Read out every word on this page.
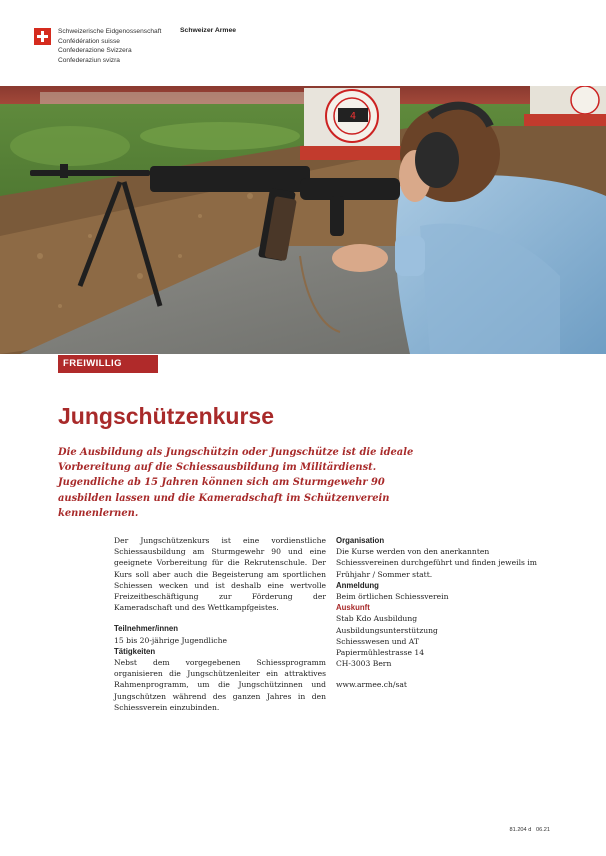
Schweizerische Eidgenossenschaft
Confédération suisse
Confederazione Svizzera
Confederaziun svizra
Schweizer Armee
4
FREIWILLIG
Jungschützenkurse
Die Ausbildung als Jungschützin oder Jungschütze ist die ideale Vorbereitung auf die Schiessausbildung im Militärdienst. Jugendliche ab 15 Jahren können sich am Sturmgewehr 90 ausbilden lassen und die Kameradschaft im Schützenverein kennenlernen.

Der Jungschützenkurs ist eine vordienstliche Schiessausbildung am Sturmgewehr 90 und eine geeignete Vorbereitung für die Rekrutenschule. Der Kurs soll aber auch die Begeisterung am sportlichen Schiessen wecken und ist deshalb eine wertvolle Freizeitbeschäftigung zur Förderung der Kameradschaft und des Wettkampfgeistes.

Teilnehmer/innen

15 bis 20-jährige Jugendliche

Tätigkeiten

Nebst dem vorgegebenen Schiessprogramm organisieren die Jungschützenleiter ein attraktives Rahmenprogramm, um die Jungschützinnen und Jungschützen während des ganzen Jahres in den Schiessverein einzubinden.

Organisation

Die Kurse werden von den anerkannten Schiessvereinen durchgeführt und finden jeweils im Frühjahr / Sommer statt.

Anmeldung

Beim örtlichen Schiessverein

Auskunft

Stab Kdo Ausbildung

Ausbildungsunterstützung

Schiesswesen und AT

Papiermühlestrasse 14

CH-3003 Bern

www.armee.ch/sat

81.204 d 06.21
